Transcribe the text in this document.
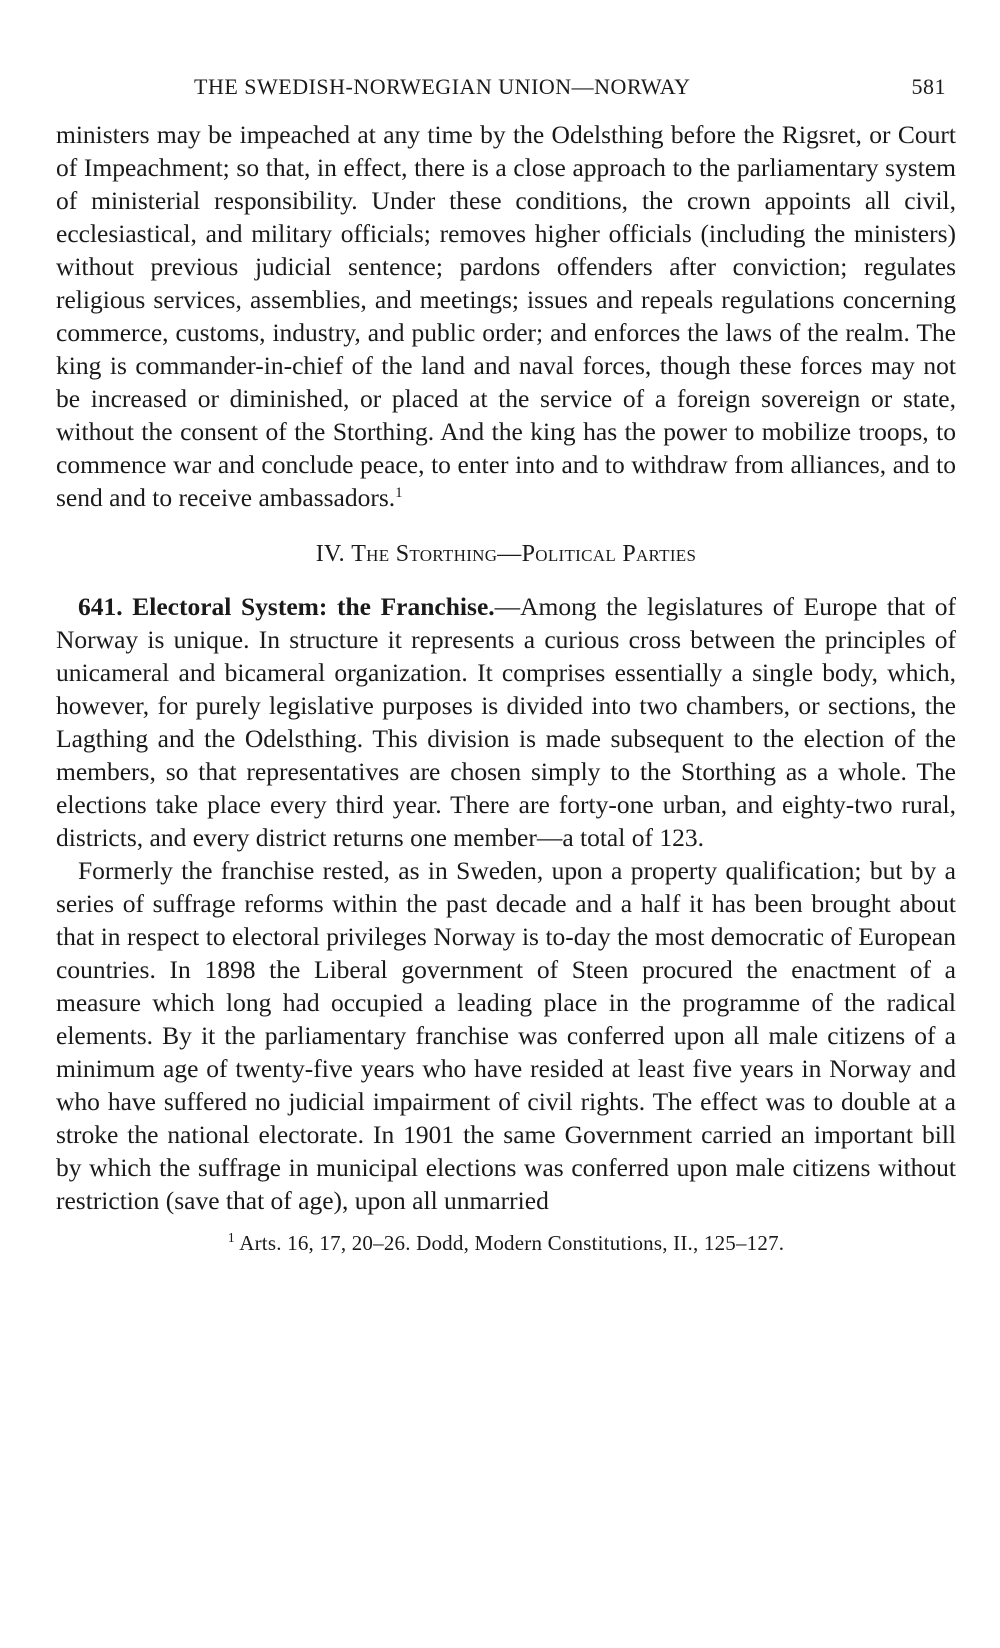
THE SWEDISH-NORWEGIAN UNION—NORWAY	581

ministers may be impeached at any time by the Odelsthing before the Rigsret, or Court of Impeachment; so that, in effect, there is a close approach to the parliamentary system of ministerial responsibility. Under these conditions, the crown appoints all civil, ecclesiastical, and military officials; removes higher officials (including the ministers) without previous judicial sentence; pardons offenders after conviction; regulates religious services, assemblies, and meetings; issues and repeals regulations concerning commerce, customs, industry, and public order; and enforces the laws of the realm. The king is commander-in-chief of the land and naval forces, though these forces may not be increased or diminished, or placed at the service of a foreign sovereign or state, without the consent of the Storthing. And the king has the power to mobilize troops, to commence war and conclude peace, to enter into and to withdraw from alliances, and to send and to receive ambassadors.$^1$

IV. The Storthing—Political Parties

641. Electoral System: the Franchise.—Among the legislatures of Europe that of Norway is unique. In structure it represents a curious cross between the principles of unicameral and bicameral organization. It comprises essentially a single body, which, however, for purely legislative purposes is divided into two chambers, or sections, the Lagthing and the Odelsthing. This division is made subsequent to the election of the members, so that representatives are chosen simply to the Storthing as a whole. The elections take place every third year. There are forty-one urban, and eighty-two rural, districts, and every district returns one member—a total of 123.

Formerly the franchise rested, as in Sweden, upon a property qualification; but by a series of suffrage reforms within the past decade and a half it has been brought about that in respect to electoral privileges Norway is to-day the most democratic of European countries. In 1898 the Liberal government of Steen procured the enactment of a measure which long had occupied a leading place in the programme of the radical elements. By it the parliamentary franchise was conferred upon all male citizens of a minimum age of twenty-five years who have resided at least five years in Norway and who have suffered no judicial impairment of civil rights. The effect was to double at a stroke the national electorate. In 1901 the same Government carried an important bill by which the suffrage in municipal elections was conferred upon male citizens without restriction (save that of age), upon all unmarried

$^1$ Arts. 16, 17, 20–26. Dodd, Modern Constitutions, II., 125–127.
